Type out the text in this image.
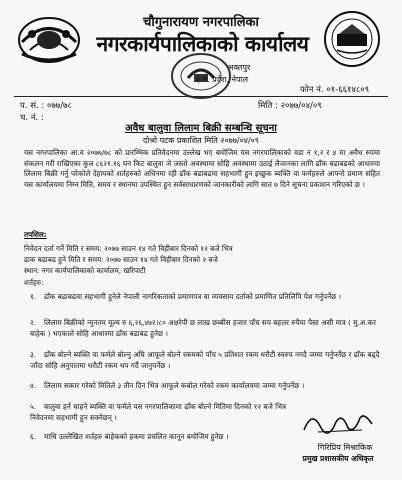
चौगुनारायण नगरपालिका
नगरकार्यपालिकाको कार्यालय
भक्तपुर
३ नं. प्रदेश, नेपाल
फोन नं. ०१-६६१४८०९
प. सं. : ०७७/७८
च. नं. :
मिति : २०७७/०४/०९
अवैध बालुवा लिलाम बिक्री सम्बन्धि सूचना
दोश्रो पटक प्रकाशित मिति २०७७/०४/०९
यस नगरपालिका आ.व २०७७/७८ को प्रारम्भिक प्रतिवेदनमा उल्लेख भए बमोजिम यस नगरपालिकाको वडा न १,२ र ४ मा अवैध रुपमा संकलन गरी राखिएका कुल ८६२१.१६ घन फिट बालुवा जे जस्तो अवस्थामा सोहि अवस्थामा उठाई लैजानका लागि ढाँक बढाबढको आधारमा लिलाम बिक्री गर्नु परेकोले देहायको शर्तहरुको अधिनमा रही ढाँक बढाबढमा सहभागी हुन इच्छुक ब्यक्ति वा फर्महरुले आफ्नो प्रमाण सहित यस कार्यालयमा निम्न मिति, समय र स्थानमा उपस्थित हुन सर्वसाधारणको जानकारीको लागि सात ७ दिने सूचना प्रकाशन गरिएको छ ।
तपशिल:
निवेदन दर्ता गर्ने मिति र समय: २०७७ साउन १४ गते विहीबार दिनको १२ बजे भित्र
ढाक बढाबढ हुने मिति र समय: २०७७ साउन १४ गते विहीबार दिनको २ बजे
स्थान: नगर कार्यपालिकाको कार्यालय, खरिपाटी
शर्तहरु:
१. ढाँक बढाबढमा सहभागी हुनेले नेपाली नागरिकताको प्रमाणपत्र वा व्यवसाय दर्ताको प्रमाणित प्रतिलिपि पेश गर्नुपर्नेछ ।
२. लिलाम बिक्रीको न्युनतम मूल्य रु ६,२६,४७२।८० अक्षरेपी छ लाख छब्बीस हजार पाँच सय बहत्तर रुपैया पैसा असी मात्र ( मु.अ.कर बाहेक ) भएकाले सोहि आधारमा ढाँक बढाबढ हुनेछ ।
३. ढाँक बोल्ने ब्यक्ति वा फर्मले बोल्नु अघि आफूले बोल्ने रकमको पाँच ५ प्रतिशत रकम धरौटी स्वरुप नगदै जम्मा गर्नुपर्नेछ र ढाँक बढ्दै जाँदा सोहि अनुपातमा धरौटी रकम थप गर्दै जानुपर्नेछ ।
४. लिलाम सकार गरेको मितिले ३ तीन दिन भित्र आफूले कबोल गरेको रकम कार्यालयमा जम्मा गर्नुपर्नेछ ।
५. बालुवा हर्न चाहने ब्यक्ति वा फर्मले यस नगरपालिकामा ढाँक बोल्ने मितिमा दिनको १२ बजे भित्र निवेदनमा सहभागी हुन सक्नेछन् ।
६. माथि उल्लेखित शर्तहरु बाहेकको हकमा प्रचलित कानून बमोजिम हुनेछ ।
गिरिप्रिय मिश्राकिक
प्रमुख प्रशासकीय अधिकृत
